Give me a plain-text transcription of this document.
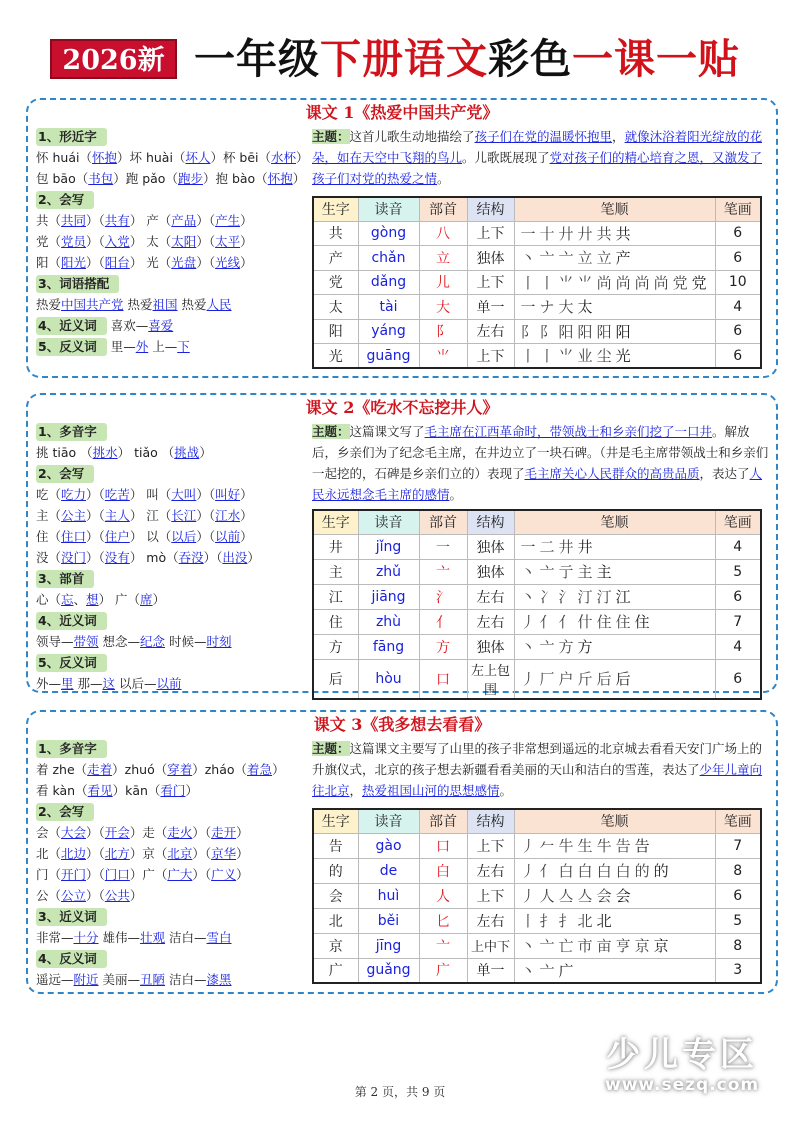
2026新 一年级下册语文彩色一课一贴
课文 1《热爱中国共产党》
1、形近字
怀 huái（怀抱）坏 huài（坏人）杯 bēi（水杯）
包 bāo（书包）跑 pǎo（跑步）抱 bào（怀抱）
2、会写
共（共同）（共有） 产（产品）（产生）
党（党员）（入党） 太（太阳）（太平）
阳（阳光）（阳台） 光（光盘）（光线）
3、词语搭配
热爱中国共产党 热爱祖国 热爱人民
4、近义词 喜欢—喜爱
5、反义词 里—外 上—下
主题：这首儿歌生动地描绘了孩子们在党的温暖怀抱里，就像沐浴着阳光绽放的花朵，如在天空中飞翔的鸟儿。儿歌既展现了党对孩子们的精心培育之恩，又激发了孩子们对党的热爱之情。
生字	读音	部首	结构	笔顺	笔画
共	gòng	八	上下	一十廾廾共共	6
产	chǎn	立	独体	丶亠亠立立产	6
党	dǎng	儿	上下	丨丨⺌⺌尚尚尚尚党党	10
太	tài	大	单一	一ナ大太	4
阳	yáng	阝	左右	阝阝阳阳阳阳	6
光	guāng	⺌	上下	丨丨⺌业尘光	6
课文 2《吃水不忘挖井人》
1、多音字
挑 tiāo （挑水） tiǎo （挑战）
2、会写
吃（吃力）（吃苦） 叫（大叫）（叫好）
主（公主）（主人） 江（长江）（江水）
住（住口）（住户） 以（以后）（以前）
没（没门）（没有） mò（吞没）（出没）
3、部首
心（忘、想） 广（席）
4、近义词
领导—带领 想念—纪念 时候—时刻
5、反义词
外—里 那—这 以后—以前
主题：这篇课文写了毛主席在江西革命时，带领战士和乡亲们挖了一口井。解放后，乡亲们为了纪念毛主席，在井边立了一块石碑。（井是毛主席带领战士和乡亲们一起挖的，石碑是乡亲们立的）表现了毛主席关心人民群众的高贵品质，表达了人民永远想念毛主席的感情。
生字	读音	部首	结构	笔顺	笔画
井	jǐng	一	独体	一二井井	4
主	zhǔ	亠	独体	丶亠亍主主	5
江	jiāng	氵	左右	丶冫氵汀汀江	6
住	zhù	亻	左右	丿亻亻什住住住	7
方	fāng	方	独体	丶亠方方	4
后	hòu	口	左上包围	丿厂户斤后后	6
课文 3《我多想去看看》
1、多音字
着 zhe（走着）zhuó（穿着）zháo（着急）
看 kàn（看见）kān（看门）
2、会写
会（大会）（开会）走（走火）（走开）
北（北边）（北方）京（北京）（京华）
门（开门）（门口）广（广大）（广义）
公（公立）（公共）
3、近义词
非常—十分 雄伟—壮观 洁白—雪白
4、反义词
遥远—附近 美丽—丑陋 洁白—漆黑
主题：这篇课文主要写了山里的孩子非常想到遥远的北京城去看看天安门广场上的升旗仪式，北京的孩子想去新疆看看美丽的天山和洁白的雪莲，表达了少年儿童向往北京，热爱祖国山河的思想感情。
生字	读音	部首	结构	笔顺	笔画
告	gào	口	上下	丿𠂉牛生牛告告	7
的	de	白	左右	丿亻白白白白的的	8
会	huì	人	上下	丿人亼亼会会	6
北	běi	匕	左右	丨扌扌北北	5
京	jīng	亠	上中下	丶亠亡市亩亨京京	8
广	guǎng	广	单一	丶亠广	3
少儿专区
www.sezq.com
第 2 页，共 9 页
